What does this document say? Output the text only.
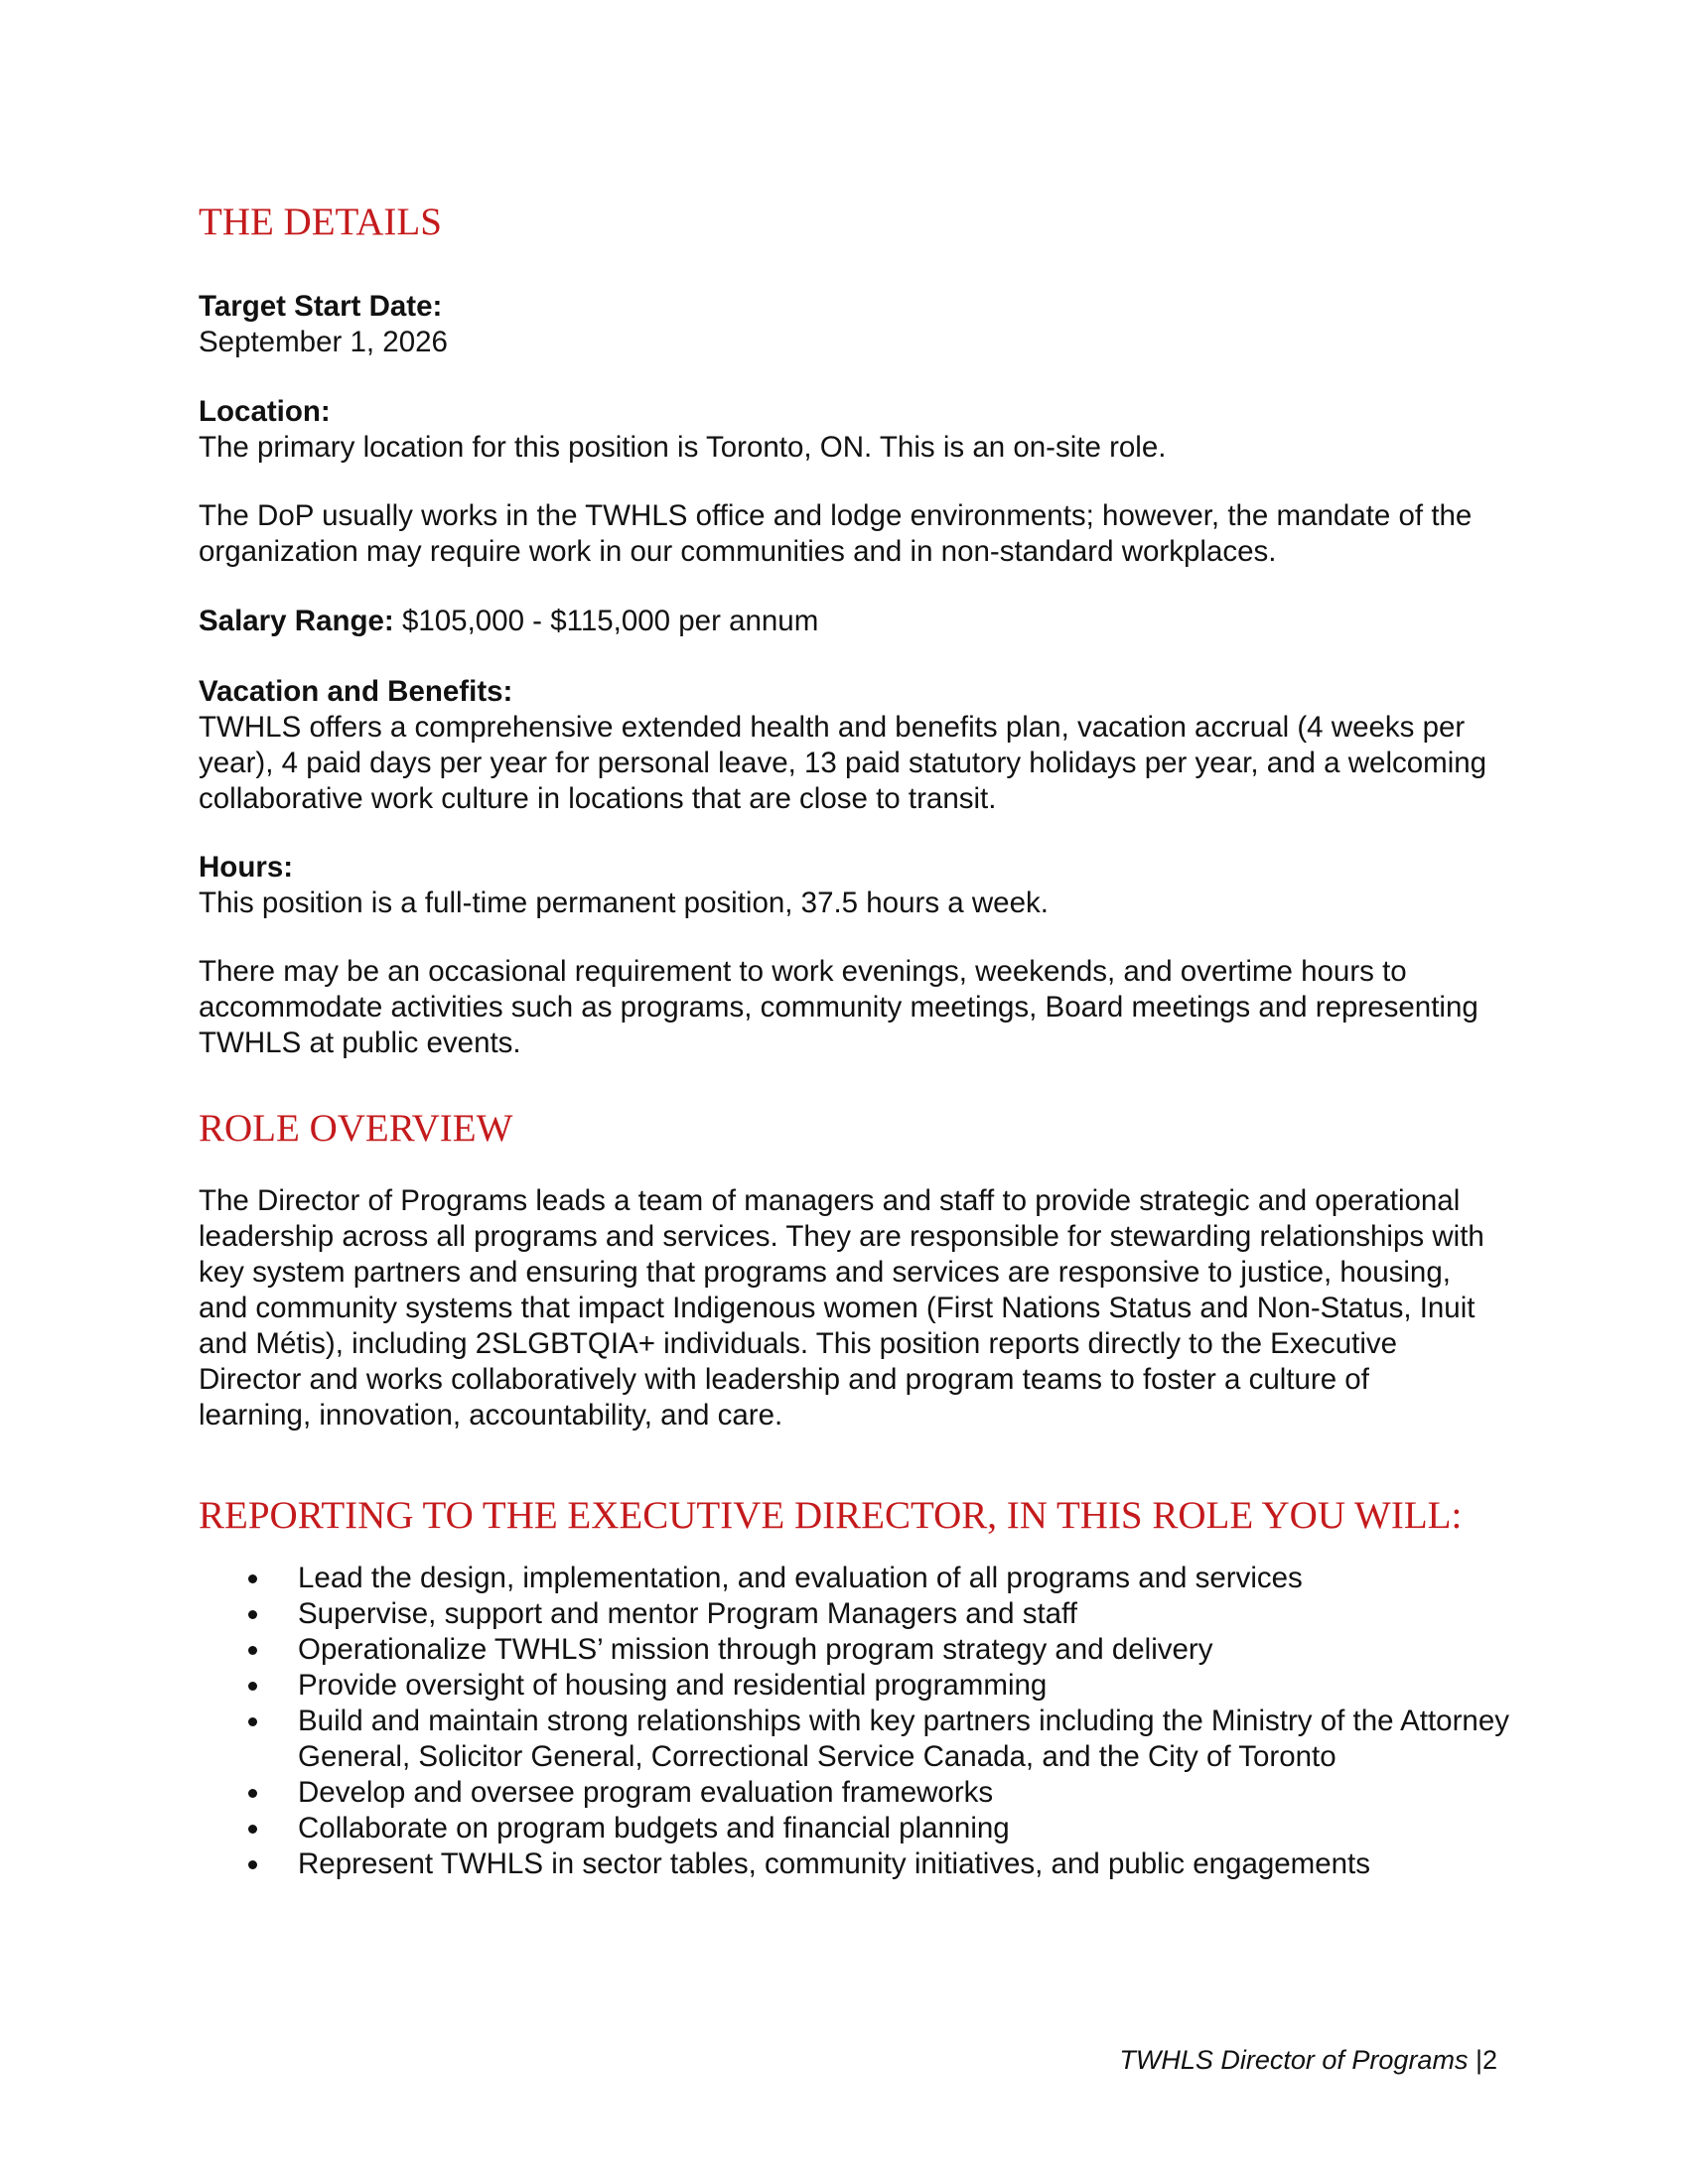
THE DETAILS
Target Start Date:
September 1, 2026
Location:
The primary location for this position is Toronto, ON. This is an on-site role.
The DoP usually works in the TWHLS office and lodge environments; however, the mandate of the organization may require work in our communities and in non-standard workplaces.
Salary Range: $105,000 - $115,000 per annum
Vacation and Benefits:
TWHLS offers a comprehensive extended health and benefits plan, vacation accrual (4 weeks per year), 4 paid days per year for personal leave, 13 paid statutory holidays per year, and a welcoming collaborative work culture in locations that are close to transit.
Hours:
This position is a full-time permanent position, 37.5 hours a week.
There may be an occasional requirement to work evenings, weekends, and overtime hours to accommodate activities such as programs, community meetings, Board meetings and representing TWHLS at public events.
ROLE OVERVIEW
The Director of Programs leads a team of managers and staff to provide strategic and operational leadership across all programs and services. They are responsible for stewarding relationships with key system partners and ensuring that programs and services are responsive to justice, housing, and community systems that impact Indigenous women (First Nations Status and Non-Status, Inuit and Métis), including 2SLGBTQIA+ individuals. This position reports directly to the Executive Director and works collaboratively with leadership and program teams to foster a culture of learning, innovation, accountability, and care.
REPORTING TO THE EXECUTIVE DIRECTOR, IN THIS ROLE YOU WILL:
Lead the design, implementation, and evaluation of all programs and services
Supervise, support and mentor Program Managers and staff
Operationalize TWHLS’ mission through program strategy and delivery
Provide oversight of housing and residential programming
Build and maintain strong relationships with key partners including the Ministry of the Attorney General, Solicitor General, Correctional Service Canada, and the City of Toronto
Develop and oversee program evaluation frameworks
Collaborate on program budgets and financial planning
Represent TWHLS in sector tables, community initiatives, and public engagements
TWHLS Director of Programs |2
